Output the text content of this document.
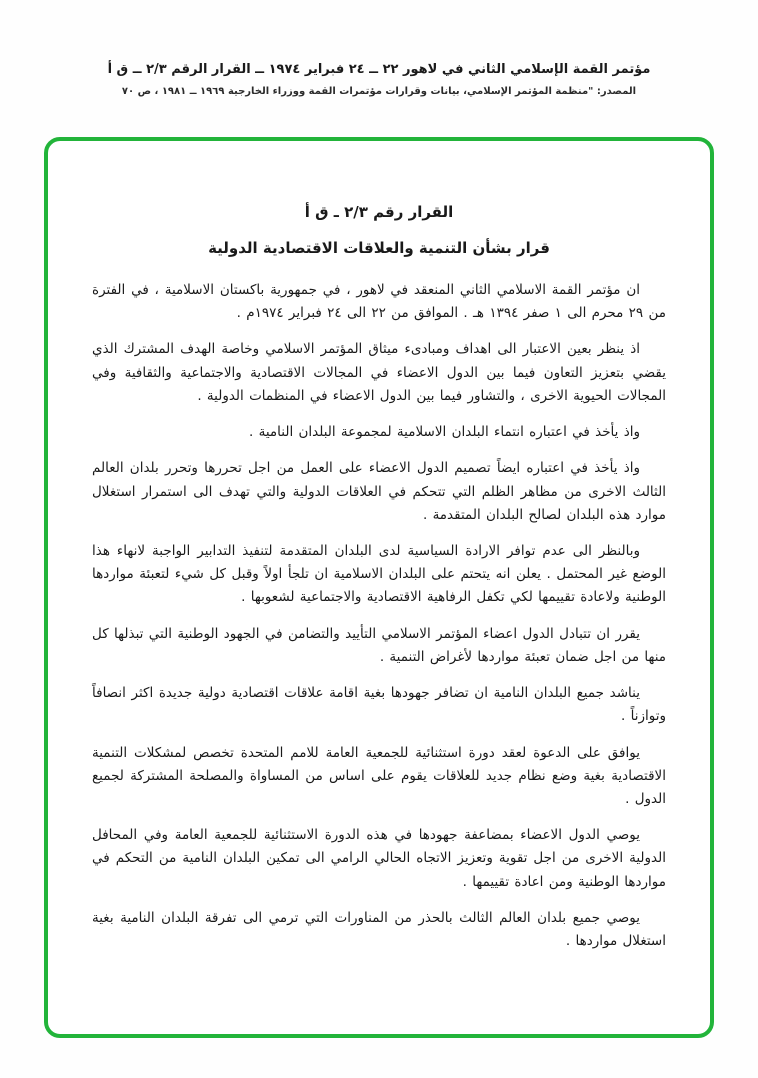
مؤتمر القمة الإسلامي الثاني في لاهور ٢٢ ــ ٢٤ فبراير ١٩٧٤ ــ القرار الرقم ٢/٣ ــ ق أ
المصدر: "منظمة المؤتمر الإسلامي، بيانات وقرارات مؤتمرات القمة ووزراء الخارجية ١٩٦٩ ــ ١٩٨١ ، ص ٧٠
القرار رقم ٢/٣ ـ ق أ
قرار بشأن التنمية والعلاقات الاقتصادية الدولية

ان مؤتمر القمة الاسلامي الثاني المنعقد في لاهور ، في جمهورية باكستان الاسلامية ، في الفترة من ٢٩ محرم الى ١ صفر ١٣٩٤ هـ . الموافق من ٢٢ الى ٢٤ فبراير ١٩٧٤م .

اذ ينظر بعين الاعتبار الى اهداف ومبادىء ميثاق المؤتمر الاسلامي وخاصة الهدف المشترك الذي يقضي بتعزيز التعاون فيما بين الدول الاعضاء في المجالات الاقتصادية والاجتماعية والثقافية وفي المجالات الحيوية الاخرى ، والتشاور فيما بين الدول الاعضاء في المنظمات الدولية .

واذ يأخذ في اعتباره انتماء البلدان الاسلامية لمجموعة البلدان النامية .

واذ يأخذ في اعتباره ايضاً تصميم الدول الاعضاء على العمل من اجل تحررها وتحرر بلدان العالم الثالث الاخرى من مظاهر الظلم التي تتحكم في العلاقات الدولية والتي تهدف الى استمرار استغلال موارد هذه البلدان لصالح البلدان المتقدمة .

وبالنظر الى عدم توافر الارادة السياسية لدى البلدان المتقدمة لتنفيذ التدابير الواجبة لانهاء هذا الوضع غير المحتمل . يعلن انه يتحتم على البلدان الاسلامية ان تلجأ اولاً وقبل كل شيء لتعبئة مواردها الوطنية ولاعادة تقييمها لكي تكفل الرفاهية الاقتصادية والاجتماعية لشعوبها .

يقرر ان تتبادل الدول اعضاء المؤتمر الاسلامي التأييد والتضامن في الجهود الوطنية التي تبذلها كل منها من اجل ضمان تعبئة مواردها لأغراض التنمية .

يناشد جميع البلدان النامية ان تضافر جهودها بغية اقامة علاقات اقتصادية دولية جديدة اكثر انصافاً وتوازناً .

يوافق على الدعوة لعقد دورة استثنائية للجمعية العامة للامم المتحدة تخصص لمشكلات التنمية الاقتصادية بغية وضع نظام جديد للعلاقات يقوم على اساس من المساواة والمصلحة المشتركة لجميع الدول .

يوصي الدول الاعضاء بمضاعفة جهودها في هذه الدورة الاستثنائية للجمعية العامة وفي المحافل الدولية الاخرى من اجل تقوية وتعزيز الاتجاه الحالي الرامي الى تمكين البلدان النامية من التحكم في مواردها الوطنية ومن اعادة تقييمها .

يوصي جميع بلدان العالم الثالث بالحذر من المناورات التي ترمي الى تفرقة البلدان النامية بغية استغلال مواردها .
